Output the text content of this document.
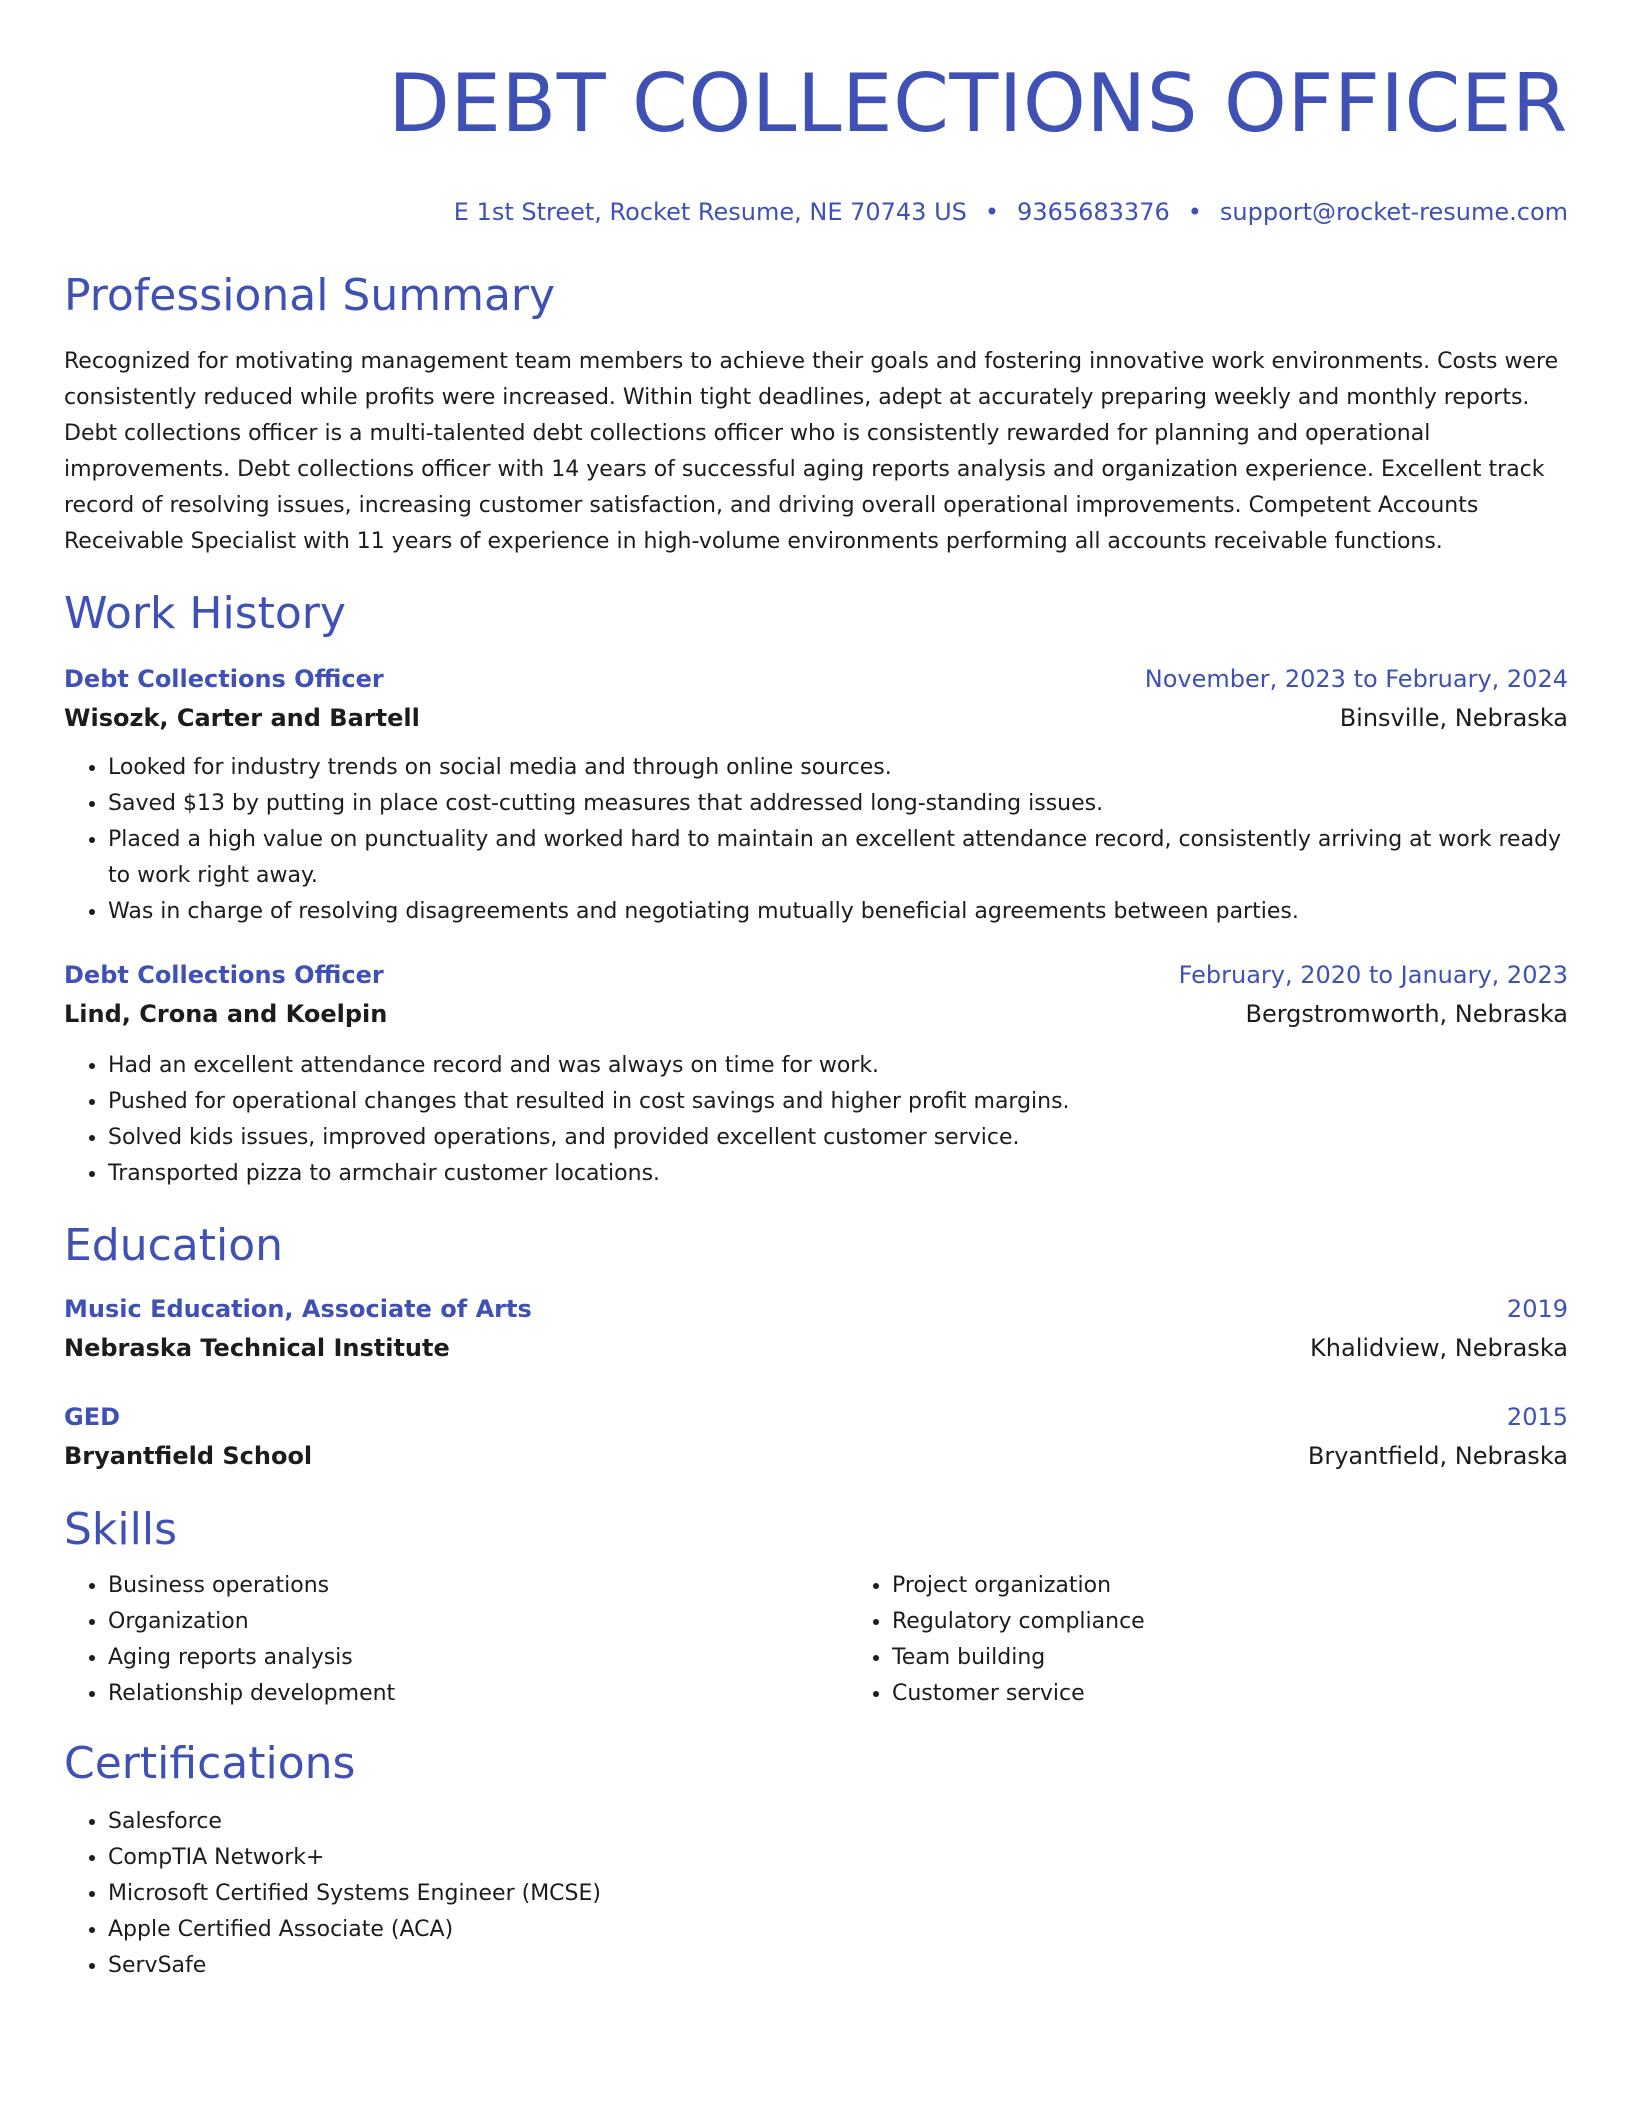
DEBT COLLECTIONS OFFICER
E 1st Street, Rocket Resume, NE 70743 US • 9365683376 • support@rocket-resume.com
Professional Summary

Recognized for motivating management team members to achieve their goals and fostering innovative work environments. Costs were consistently reduced while profits were increased. Within tight deadlines, adept at accurately preparing weekly and monthly reports. Debt collections officer is a multi-talented debt collections officer who is consistently rewarded for planning and operational improvements. Debt collections officer with 14 years of successful aging reports analysis and organization experience. Excellent track record of resolving issues, increasing customer satisfaction, and driving overall operational improvements. Competent Accounts Receivable Specialist with 11 years of experience in high-volume environments performing all accounts receivable functions.

Work History
Debt Collections Officer	November, 2023 to February, 2024
Wisozk, Carter and Bartell	Binsville, Nebraska
• Looked for industry trends on social media and through online sources.
• Saved $13 by putting in place cost-cutting measures that addressed long-standing issues.
• Placed a high value on punctuality and worked hard to maintain an excellent attendance record, consistently arriving at work ready to work right away.
• Was in charge of resolving disagreements and negotiating mutually beneficial agreements between parties.
Debt Collections Officer	February, 2020 to January, 2023
Lind, Crona and Koelpin	Bergstromworth, Nebraska
• Had an excellent attendance record and was always on time for work.
• Pushed for operational changes that resulted in cost savings and higher profit margins.
• Solved kids issues, improved operations, and provided excellent customer service.
• Transported pizza to armchair customer locations.
Education
Music Education, Associate of Arts	2019
Nebraska Technical Institute	Khalidview, Nebraska
GED	2015
Bryantfield School	Bryantfield, Nebraska
Skills
• Business operations
• Organization
• Aging reports analysis
• Relationship development
• Project organization
• Regulatory compliance
• Team building
• Customer service
Certifications
• Salesforce
• CompTIA Network+
• Microsoft Certified Systems Engineer (MCSE)
• Apple Certified Associate (ACA)
• ServSafe
